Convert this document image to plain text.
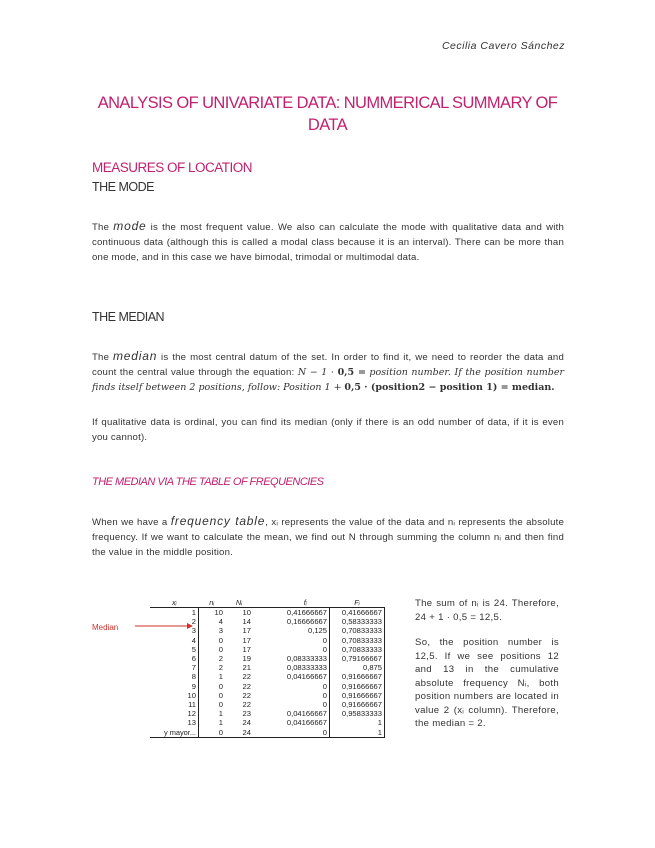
Cecilia Cavero Sánchez
ANALYSIS OF UNIVARIATE DATA: NUMMERICAL SUMMARY OF DATA
MEASURES OF LOCATION
THE MODE
The mode is the most frequent value. We also can calculate the mode with qualitative data and with continuous data (although this is called a modal class because it is an interval). There can be more than one mode, and in this case we have bimodal, trimodal or multimodal data.
THE MEDIAN
The median is the most central datum of the set. In order to find it, we need to reorder the data and count the central value through the equation: N − 1 · 0,5 = position number. If the position number finds itself between 2 positions, follow: Position 1 + 0,5 · (position2 − position 1) = median.
If qualitative data is ordinal, you can find its median (only if there is an odd number of data, if it is even you cannot).
THE MEDIAN VIA THE TABLE OF FREQUENCIES
When we have a frequency table, xᵢ represents the value of the data and nᵢ represents the absolute frequency. If we want to calculate the mean, we find out N through summing the column nᵢ and then find the value in the middle position.
Median
xᵢ	nᵢ	Nᵢ		fᵢ	Fᵢ
1	10	10		0,41666667	0,41666667
2	4	14		0,16666667	0,58333333
3	3	17		0,125	0,70833333
4	0	17		0	0,70833333
5	0	17		0	0,70833333
6	2	19		0,08333333	0,79166667
7	2	21		0,08333333	0,875
8	1	22		0,04166667	0,91666667
9	0	22		0	0,91666667
10	0	22		0	0,91666667
11	0	22		0	0,91666667
12	1	23		0,04166667	0,95833333
13	1	24		0,04166667	1
y mayor...	0	24		0	1
The sum of nᵢ is 24. Therefore, 24 + 1 · 0,5 = 12,5.
So, the position number is 12,5. If we see positions 12 and 13 in the cumulative absolute frequency Nᵢ, both position numbers are located in value 2 (xᵢ column). Therefore, the median = 2.
